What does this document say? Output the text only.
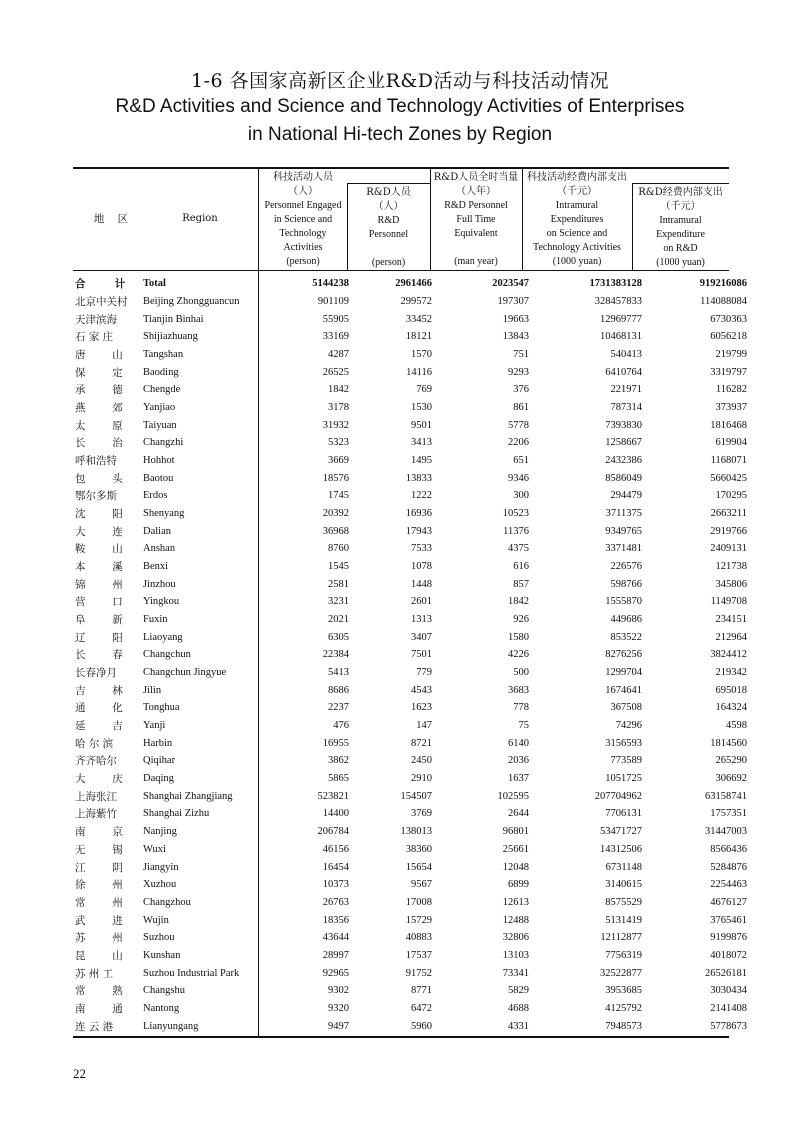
1-6 各国家高新区企业R&D活动与科技活动情况
R&D Activities and Science and Technology Activities of Enterprises
in National Hi-tech Zones by Region
地    区	Region
科技活动人员
（人）
Personnel Engaged
in Science and
Technology
Activities
(person)
R&D人员
（人）
R&D
Personnel
(person)
R&D人员全时当量
（人年）
R&D Personnel
Full Time
Equivalent
(man year)
科技活动经费内部支出
（千元）
Intramural
Expenditures
on Science and
Technology Activities
(1000 yuan)
R&D经费内部支出
（千元）
Intramural
Expenditure
on R&D
(1000 yuan)
合        计	Total	5144238	2961466	2023547	1731383128	919216086
北京中关村	Beijing Zhongguancun	901109	299572	197307	328457833	114088084
天津滨海	Tianjin Binhai	55905	33452	19663	12969777	6730363
石 家 庄	Shijiazhuang	33169	18121	13843	10468131	6056218
唐        山	Tangshan	4287	1570	751	540413	219799
保        定	Baoding	26525	14116	9293	6410764	3319797
承        德	Chengde	1842	769	376	221971	116282
燕        郊	Yanjiao	3178	1530	861	787314	373937
太        原	Taiyuan	31932	9501	5778	7393830	1816468
长        治	Changzhi	5323	3413	2206	1258667	619904
呼和浩特	Hohhot	3669	1495	651	2432386	1168071
包        头	Baotou	18576	13833	9346	8586049	5660425
鄂尔多斯	Erdos	1745	1222	300	294479	170295
沈        阳	Shenyang	20392	16936	10523	3711375	2663211
大        连	Dalian	36968	17943	11376	9349765	2919766
鞍        山	Anshan	8760	7533	4375	3371481	2409131
本        溪	Benxi	1545	1078	616	226576	121738
锦        州	Jinzhou	2581	1448	857	598766	345806
营        口	Yingkou	3231	2601	1842	1555870	1149708
阜        新	Fuxin	2021	1313	926	449686	234151
辽        阳	Liaoyang	6305	3407	1580	853522	212964
长        春	Changchun	22384	7501	4226	8276256	3824412
长春净月	Changchun Jingyue	5413	779	500	1299704	219342
吉        林	Jilin	8686	4543	3683	1674641	695018
通        化	Tonghua	2237	1623	778	367508	164324
延        吉	Yanji	476	147	75	74296	4598
哈 尔 滨	Harbin	16955	8721	6140	3156593	1814560
齐齐哈尔	Qiqihar	3862	2450	2036	773589	265290
大        庆	Daqing	5865	2910	1637	1051725	306692
上海张江	Shanghai Zhangjiang	523821	154507	102595	207704962	63158741
上海紫竹	Shanghai Zizhu	14400	3769	2644	7706131	1757351
南        京	Nanjing	206784	138013	96801	53471727	31447003
无        锡	Wuxi	46156	38360	25661	14312506	8566436
江        阴	Jiangyin	16454	15654	12048	6731148	5284876
徐        州	Xuzhou	10373	9567	6899	3140615	2254463
常        州	Changzhou	26763	17008	12613	8575529	4676127
武        进	Wujin	18356	15729	12488	5131419	3765461
苏        州	Suzhou	43644	40883	32806	12112877	9199876
昆        山	Kunshan	28997	17537	13103	7756319	4018072
苏 州 工	Suzhou Industrial Park	92965	91752	73341	32522877	26526181
常        熟	Changshu	9302	8771	5829	3953685	3030434
南        通	Nantong	9320	6472	4688	4125792	2141408
连 云 港	Lianyungang	9497	5960	4331	7948573	5778673
22
